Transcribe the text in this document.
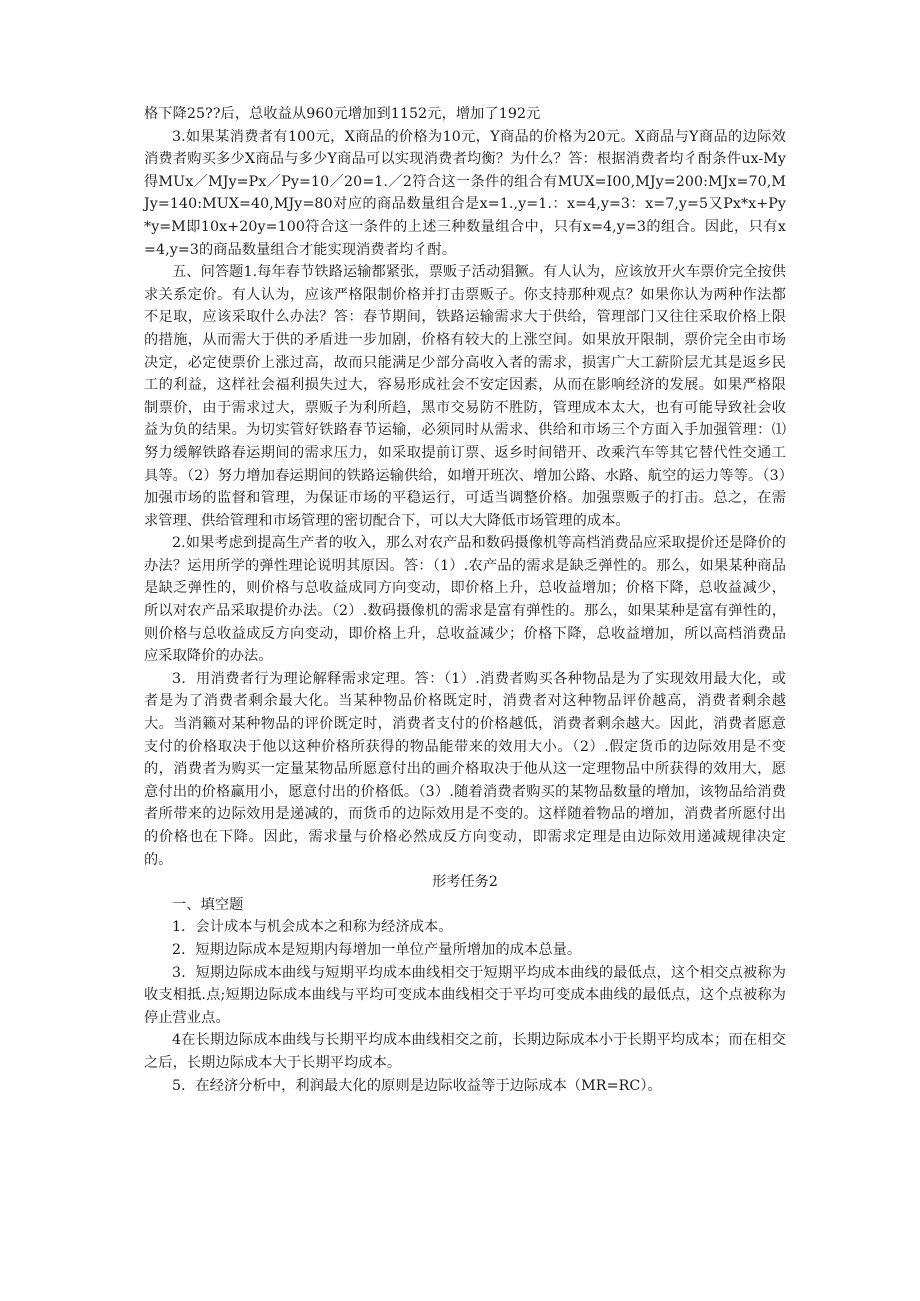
格下降25??后，总收益从960元增加到1152元，增加了192元

3.如果某消费者有100元，X商品的价格为10元，Y商品的价格为20元。X商品与Y商品的边际效消费者购买多少X商品与多少Y商品可以实现消费者均衡？为什么？答：根据消费者均彳酎条件ux-My得MUx／MJy=Px／Py=10／20=1.／2符合这一条件的组合有MUX=I00,MJy=200:MJx=70,MJy=140:MUX=40,MJy=80对应的商品数量组合是x=1.,y=1.：x=4,y=3：x=7,y=5又Px*x+Py*y=M即10x+20y=100符合这一条件的上述三种数量组合中，只有x=4,y=3的组合。因此，只有x=4,y=3的商品数量组合才能实现消费者均彳酎。

五、问答题1.每年春节铁路运输都紧张，票贩子活动猖獗。有人认为，应该放开火车票价完全按供求关系定价。有人认为，应该严格限制价格并打击票贩子。你支持那种观点？如果你认为两种作法都不足取，应该采取什么办法？答：春节期间，铁路运输需求大于供给，管理部门又往往采取价格上限的措施，从而需大于供的矛盾进一步加剧，价格有较大的上涨空间。如果放开限制，票价完全由市场决定，必定使票价上涨过高，故而只能满足少部分高收入者的需求，损害广大工薪阶层尤其是返乡民工的利益，这样社会福利损失过大，容易形成社会不安定因素，从而在影响经济的发展。如果严格限制票价，由于需求过大，票贩子为利所趋，黑市交易防不胜防，管理成本太大，也有可能导致社会收益为负的结果。为切实管好铁路春节运输，必须同时从需求、供给和市场三个方面入手加强管理：⑴努力缓解铁路春运期间的需求压力，如采取提前订票、返乡时间错开、改乘汽车等其它替代性交通工具等。（2）努力增加春运期间的铁路运输供给，如增开班次、增加公路、水路、航空的运力等等。（3）加强市场的监督和管理，为保证市场的平稳运行，可适当调整价格。加强票贩子的打击。总之，在需求管理、供给管理和市场管理的密切配合下，可以大大降低市场管理的成本。

2.如果考虑到提高生产者的收入，那么对农产品和数码摄像机等高档消费品应采取提价还是降价的办法？运用所学的弹性理论说明其原因。答：（1）.农产品的需求是缺乏弹性的。那么，如果某种商品是缺乏弹性的，则价格与总收益成同方向变动，即价格上升，总收益增加；价格下降，总收益减少，所以对农产品采取提价办法。（2）.数码摄像机的需求是富有弹性的。那么，如果某种是富有弹性的，则价格与总收益成反方向变动，即价格上升，总收益减少；价格下降，总收益增加，所以高档消费品应采取降价的办法。

3．用消费者行为理论解释需求定理。答：（1）.消费者购买各种物品是为了实现效用最大化，或者是为了消费者剩余最大化。当某种物品价格既定时，消费者对这种物品评价越高，消费者剩余越大。当消籁对某种物品的评价既定时，消费者支付的价格越低，消费者剩余越大。因此，消费者愿意支付的价格取决于他以这种价格所获得的物品能带来的效用大小。（2）.假定货币的边际效用是不变的，消费者为购买一定量某物品所愿意付出的画介格取决于他从这一定理物品中所获得的效用大，愿意付出的价格赢用小，愿意付出的价格低。（3）.随着消费者购买的某物品数量的增加，该物品给消费者所带来的边际效用是递减的，而货币的边际效用是不变的。这样随着物品的增加，消费者所愿付出的价格也在下降。因此，需求量与价格必然成反方向变动，即需求定理是由边际效用递减规律决定的。

形考任务2

一、填空题

1．会计成本与机会成本之和称为经济成本。

2．短期边际成本是短期内每增加一单位产量所增加的成本总量。

3．短期边际成本曲线与短期平均成本曲线相交于短期平均成本曲线的最低点，这个相交点被称为收支相抵.点;短期边际成本曲线与平均可变成本曲线相交于平均可变成本曲线的最低点，这个点被称为停止营业点。

4在长期边际成本曲线与长期平均成本曲线相交之前，长期边际成本小于长期平均成本；而在相交之后，长期边际成本大于长期平均成本。

5．在经济分析中，利润最大化的原则是边际收益等于边际成本（MR=RC）。
